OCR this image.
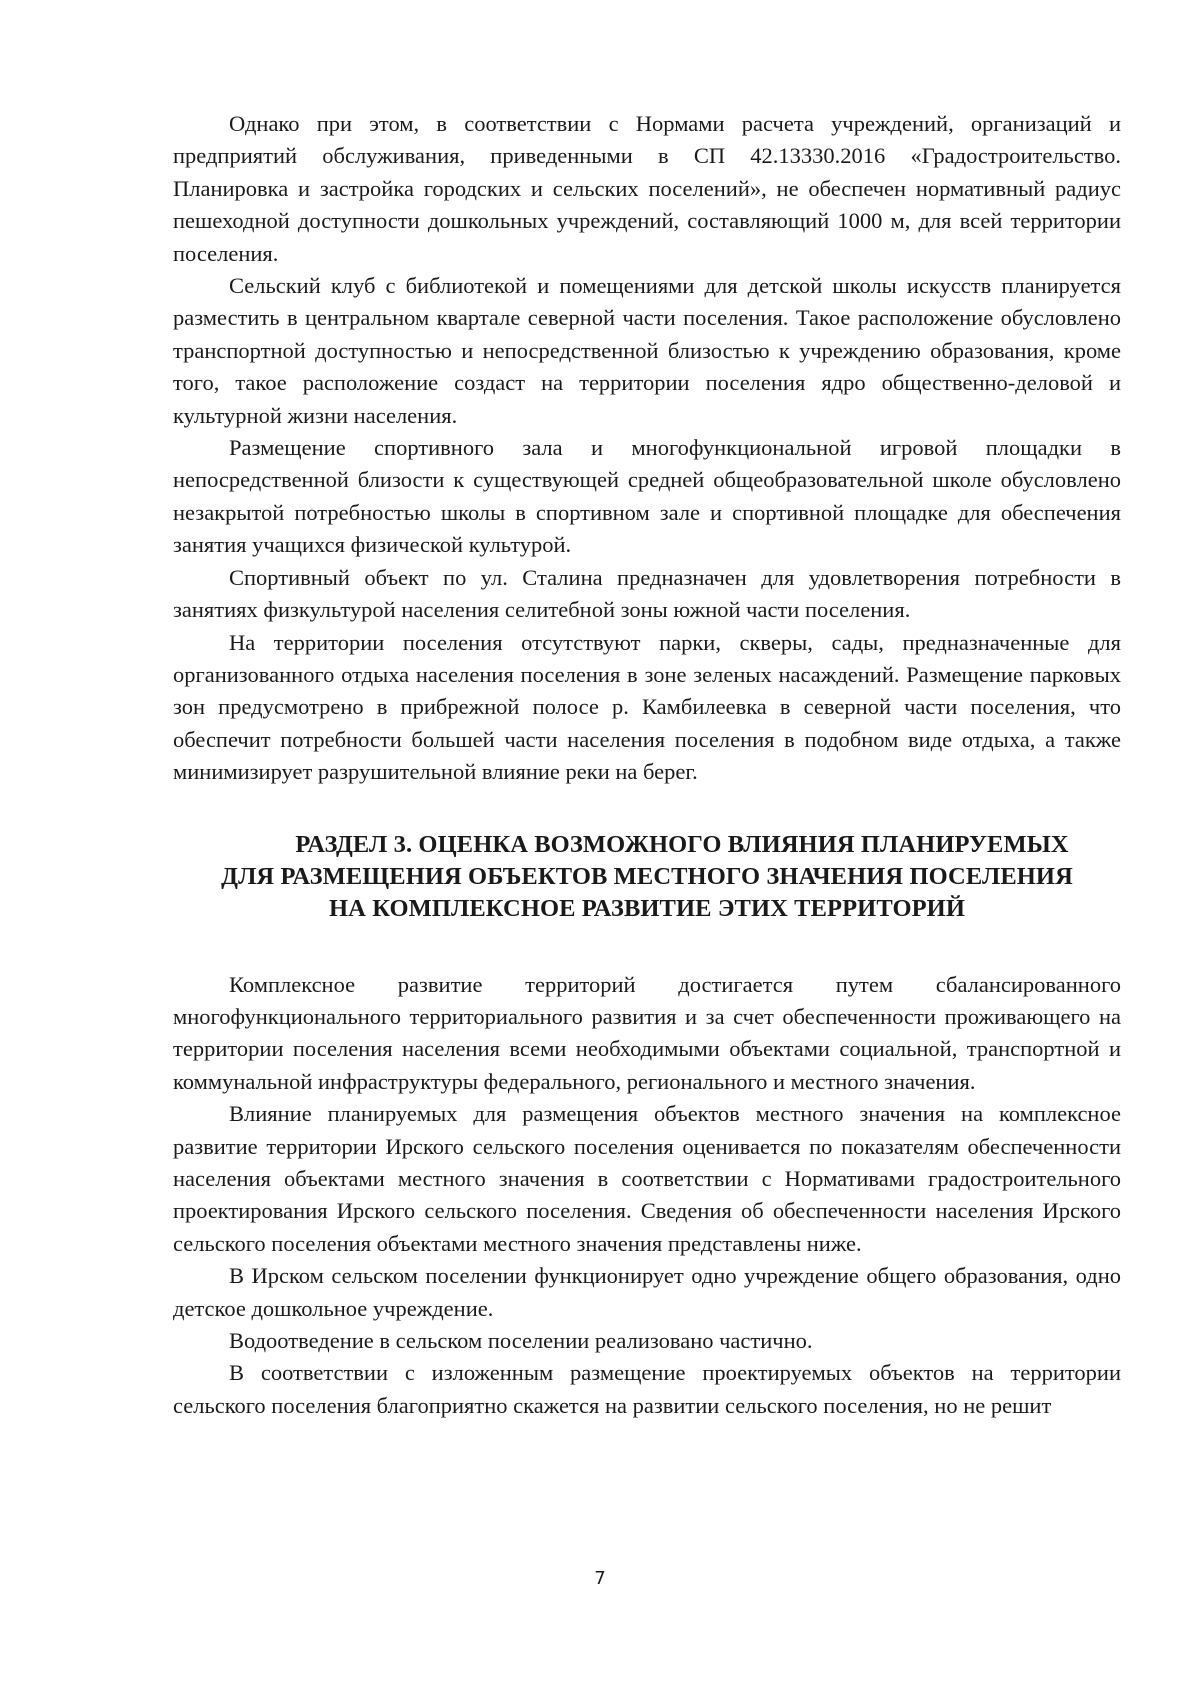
Однако при этом, в соответствии с Нормами расчета учреждений, организаций и предприятий обслуживания, приведенными в СП 42.13330.2016 «Градостроительство. Планировка и застройка городских и сельских поселений», не обеспечен нормативный радиус пешеходной доступности дошкольных учреждений, составляющий 1000 м, для всей территории поселения.

Сельский клуб с библиотекой и помещениями для детской школы искусств планируется разместить в центральном квартале северной части поселения. Такое расположение обусловлено транспортной доступностью и непосредственной близостью к учреждению образования, кроме того, такое расположение создаст на территории поселения ядро общественно-деловой и культурной жизни населения.

Размещение спортивного зала и многофункциональной игровой площадки в непосредственной близости к существующей средней общеобразовательной школе обусловлено незакрытой потребностью школы в спортивном зале и спортивной площадке для обеспечения занятия учащихся физической культурой.

Спортивный объект по ул. Сталина предназначен для удовлетворения потребности в занятиях физкультурой населения селитебной зоны южной части поселения.

На территории поселения отсутствуют парки, скверы, сады, предназначенные для организованного отдыха населения поселения в зоне зеленых насаждений. Размещение парковых зон предусмотрено в прибрежной полосе р. Камбилеевка в северной части поселения, что обеспечит потребности большей части населения поселения в подобном виде отдыха, а также минимизирует разрушительной влияние реки на берег.

РАЗДЕЛ 3. ОЦЕНКА ВОЗМОЖНОГО ВЛИЯНИЯ ПЛАНИРУЕМЫХ
ДЛЯ РАЗМЕЩЕНИЯ ОБЪЕКТОВ МЕСТНОГО ЗНАЧЕНИЯ ПОСЕЛЕНИЯ
НА КОМПЛЕКСНОЕ РАЗВИТИЕ ЭТИХ ТЕРРИТОРИЙ

Комплексное развитие территорий достигается путем сбалансированного многофункционального территориального развития и за счет обеспеченности проживающего на территории поселения населения всеми необходимыми объектами социальной, транспортной и коммунальной инфраструктуры федерального, регионального и местного значения.

Влияние планируемых для размещения объектов местного значения на комплексное развитие территории Ирского сельского поселения оценивается по показателям обеспеченности населения объектами местного значения в соответствии с Нормативами градостроительного проектирования Ирского сельского поселения. Сведения об обеспеченности населения Ирского сельского поселения объектами местного значения представлены ниже.

В Ирском сельском поселении функционирует одно учреждение общего образования, одно детское дошкольное учреждение.

Водоотведение в сельском поселении реализовано частично.

В соответствии с изложенным размещение проектируемых объектов на территории сельского поселения благоприятно скажется на развитии сельского поселения, но не решит

7
